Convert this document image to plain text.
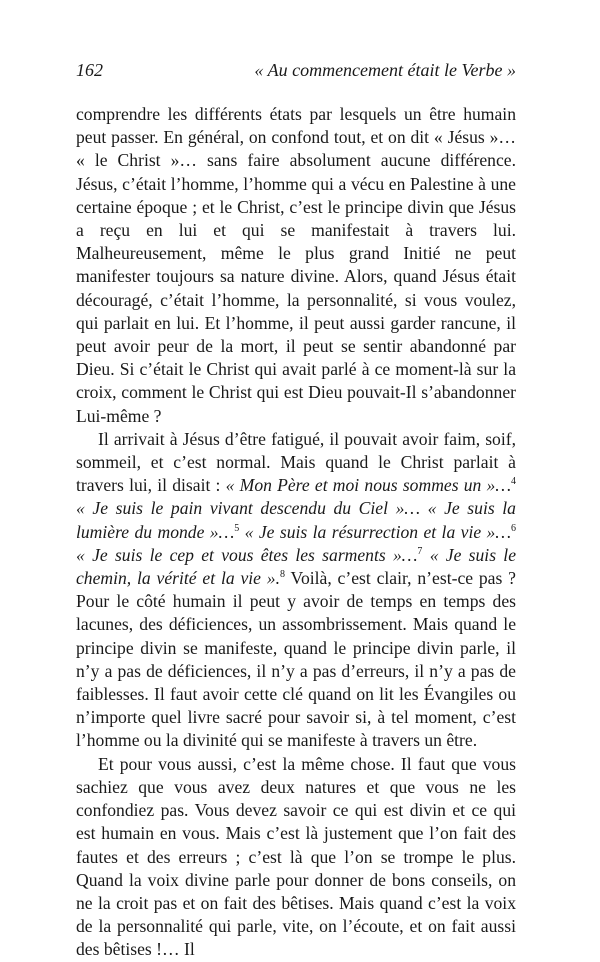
162	« Au commencement était le Verbe »

comprendre les différents états par lesquels un être humain peut passer. En général, on confond tout, et on dit « Jésus »… « le Christ »… sans faire absolument aucune différence. Jésus, c’était l’homme, l’homme qui a vécu en Palestine à une certaine époque ; et le Christ, c’est le principe divin que Jésus a reçu en lui et qui se manifestait à travers lui. Malheureusement, même le plus grand Initié ne peut manifester toujours sa nature divine. Alors, quand Jésus était découragé, c’était l’homme, la personnalité, si vous voulez, qui parlait en lui. Et l’homme, il peut aussi garder rancune, il peut avoir peur de la mort, il peut se sentir abandonné par Dieu. Si c’était le Christ qui avait parlé à ce moment-là sur la croix, comment le Christ qui est Dieu pouvait-Il s’abandonner Lui-même ?

Il arrivait à Jésus d’être fatigué, il pouvait avoir faim, soif, sommeil, et c’est normal. Mais quand le Christ parlait à travers lui, il disait : « Mon Père et moi nous sommes un »…$^4$ « Je suis le pain vivant descendu du Ciel »… « Je suis la lumière du monde »…$^5$ « Je suis la résurrection et la vie »…$^6$ « Je suis le cep et vous êtes les sarments »…$^7$ « Je suis le chemin, la vérité et la vie ».$^8$ Voilà, c’est clair, n’est-ce pas ? Pour le côté humain il peut y avoir de temps en temps des lacunes, des déficiences, un assombrissement. Mais quand le principe divin se manifeste, quand le principe divin parle, il n’y a pas de déficiences, il n’y a pas d’erreurs, il n’y a pas de faiblesses. Il faut avoir cette clé quand on lit les Évangiles ou n’importe quel livre sacré pour savoir si, à tel moment, c’est l’homme ou la divinité qui se manifeste à travers un être.

Et pour vous aussi, c’est la même chose. Il faut que vous sachiez que vous avez deux natures et que vous ne les confondiez pas. Vous devez savoir ce qui est divin et ce qui est humain en vous. Mais c’est là justement que l’on fait des fautes et des erreurs ; c’est là que l’on se trompe le plus. Quand la voix divine parle pour donner de bons conseils, on ne la croit pas et on fait des bêtises. Mais quand c’est la voix de la personnalité qui parle, vite, on l’écoute, et on fait aussi des bêtises !… Il
